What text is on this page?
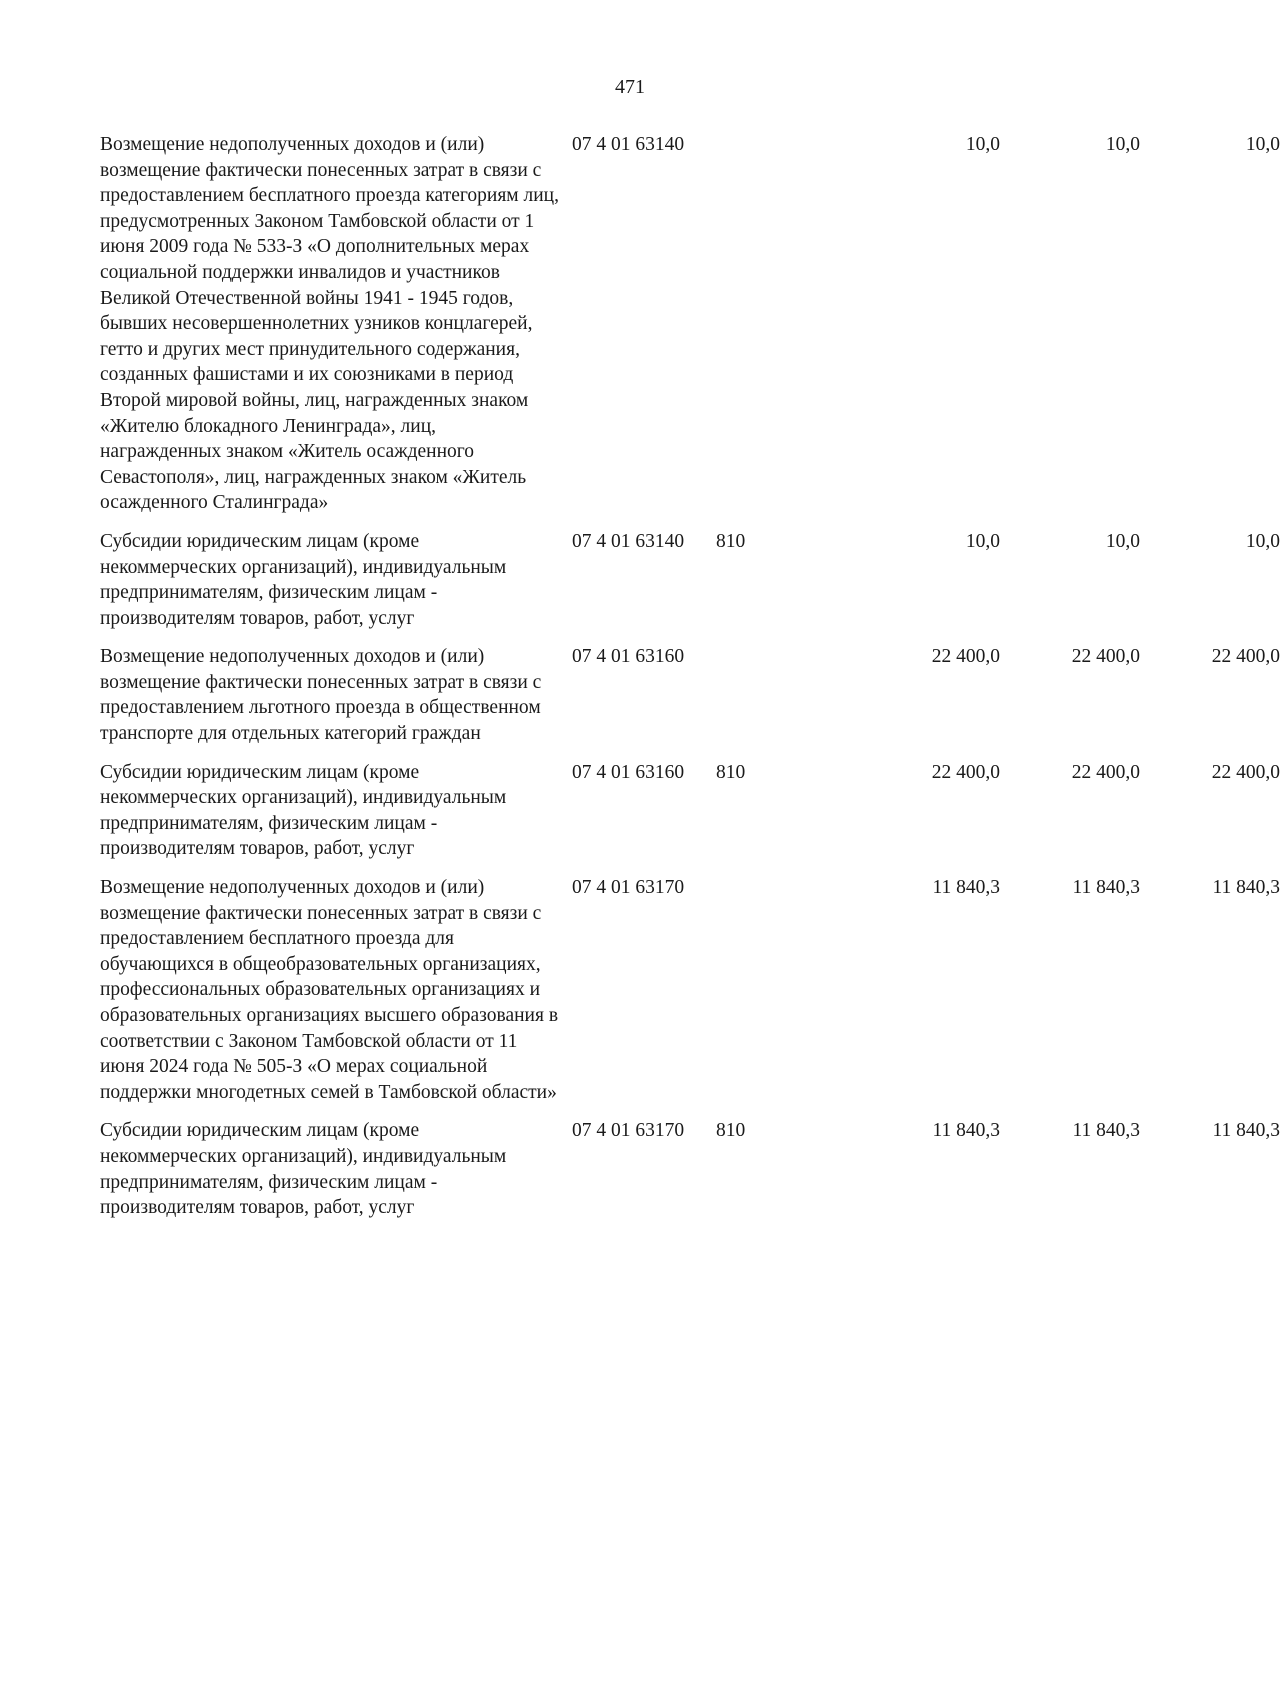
471
Возмещение недополученных доходов и (или) возмещение фактически понесенных затрат в связи с предоставлением бесплатного проезда категориям лиц, предусмотренных Законом Тамбовской области от 1 июня 2009 года № 533-З «О дополнительных мерах социальной поддержки инвалидов и участников Великой Отечественной войны 1941 - 1945 годов, бывших несовершеннолетних узников концлагерей, гетто и других мест принудительного содержания, созданных фашистами и их союзниками в период Второй мировой войны, лиц, награжденных знаком «Жителю блокадного Ленинграда», лиц, награжденных знаком «Житель осажденного Севастополя», лиц, награжденных знаком «Житель осажденного Сталинграда»
07 4 01 63140	10,0	10,0	10,0
Субсидии юридическим лицам (кроме некоммерческих организаций), индивидуальным предпринимателям, физическим лицам - производителям товаров, работ, услуг
07 4 01 63140 810	10,0	10,0	10,0
Возмещение недополученных доходов и (или) возмещение фактически понесенных затрат в связи с предоставлением льготного проезда в общественном транспорте для отдельных категорий граждан
07 4 01 63160	22 400,0	22 400,0	22 400,0
Субсидии юридическим лицам (кроме некоммерческих организаций), индивидуальным предпринимателям, физическим лицам - производителям товаров, работ, услуг
07 4 01 63160 810	22 400,0	22 400,0	22 400,0
Возмещение недополученных доходов и (или) возмещение фактически понесенных затрат в связи с предоставлением бесплатного проезда для обучающихся в общеобразовательных организациях, профессиональных образовательных организациях и образовательных организациях высшего образования в соответствии с Законом Тамбовской области от 11 июня 2024 года № 505-З «О мерах социальной поддержки многодетных семей в Тамбовской области»
07 4 01 63170	11 840,3	11 840,3	11 840,3
Субсидии юридическим лицам (кроме некоммерческих организаций), индивидуальным предпринимателям, физическим лицам - производителям товаров, работ, услуг
07 4 01 63170 810	11 840,3	11 840,3	11 840,3
